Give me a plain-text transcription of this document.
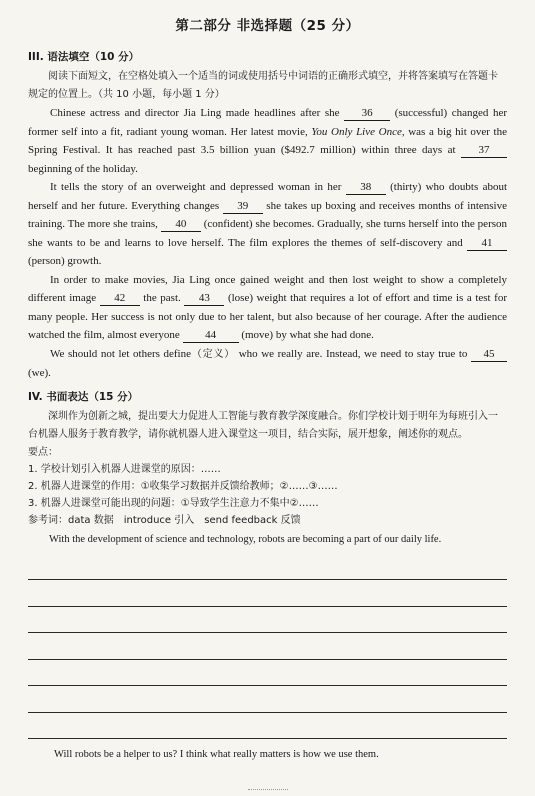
第二部分 非选择题（25 分）
III. 语法填空（10 分）

阅读下面短文，在空格处填入一个适当的词或使用括号中词语的正确形式填空，并将答案填写在答题卡规定的位置上。（共 10 小题，每小题 1 分）

Chinese actress and director Jia Ling made headlines after she 36 (successful) changed her former self into a fit, radiant young woman. Her latest movie, You Only Live Once, was a big hit over the Spring Festival. It has reached past 3.5 billion yuan ($492.7 million) within three days at 37 beginning of the holiday.

It tells the story of an overweight and depressed woman in her 38 (thirty) who doubts about herself and her future. Everything changes 39 she takes up boxing and receives months of intensive training. The more she trains, 40 (confident) she becomes. Gradually, she turns herself into the person she wants to be and learns to love herself. The film explores the themes of self-discovery and 41 (person) growth.

In order to make movies, Jia Ling once gained weight and then lost weight to show a completely different image 42 the past. 43 (lose) weight that requires a lot of effort and time is a test for many people. Her success is not only due to her talent, but also because of her courage. After the audience watched the film, almost everyone 44 (move) by what she had done.

We should not let others define（定义） who we really are. Instead, we need to stay true to 45(we).

IV. 书面表达（15 分）

深圳作为创新之城，提出要大力促进人工智能与教育教学深度融合。你们学校计划于明年为每班引入一台机器人服务于教育教学，请你就机器人进入课堂这一项目，结合实际，展开想象，阐述你的观点。

要点：

1. 学校计划引入机器人进课堂的原因：……

2. 机器人进课堂的作用：①收集学习数据并反馈给教师；②……③……

3. 机器人进课堂可能出现的问题：①导致学生注意力不集中②……

参考词：data 数据　introduce 引入　send feedback 反馈

With the development of science and technology, robots are becoming a part of our daily life.

Will robots be a helper to us? I think what really matters is how we use them.
